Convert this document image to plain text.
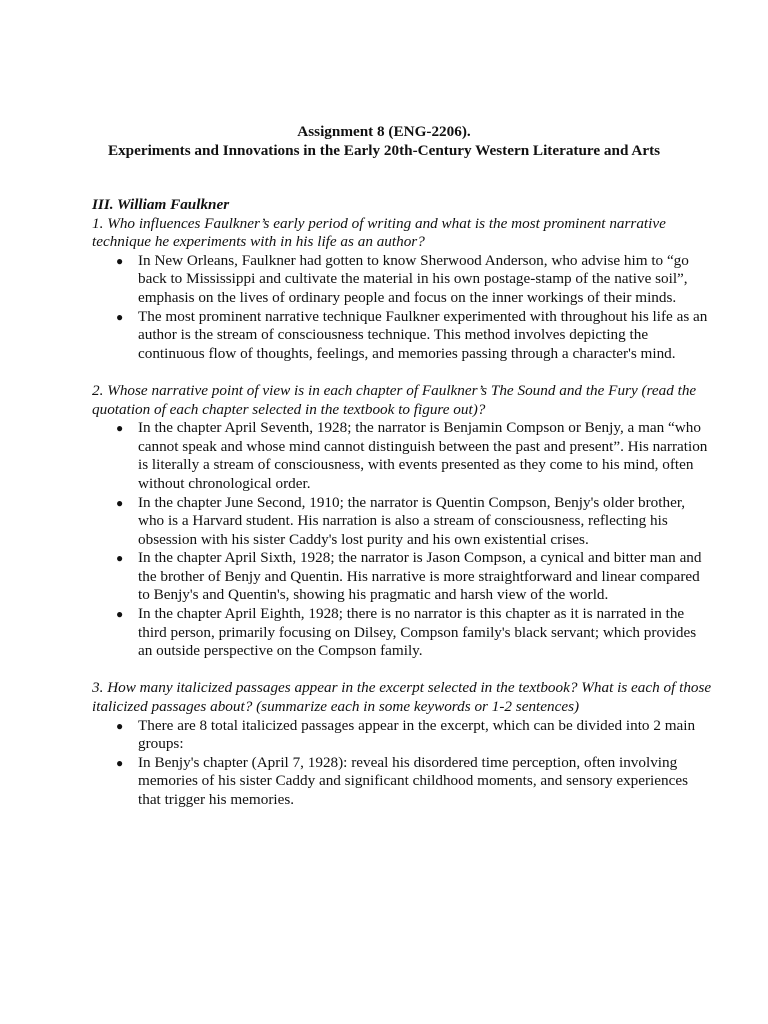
Assignment 8 (ENG-2206).
Experiments and Innovations in the Early 20th-Century Western Literature and Arts

III. William Faulkner

1. Who influences Faulkner’s early period of writing and what is the most prominent narrative technique he experiments with in his life as an author?

● In New Orleans, Faulkner had gotten to know Sherwood Anderson, who advise him to “go back to Mississippi and cultivate the material in his own postage-stamp of the native soil”, emphasis on the lives of ordinary people and focus on the inner workings of their minds.
● The most prominent narrative technique Faulkner experimented with throughout his life as an author is the stream of consciousness technique. This method involves depicting the continuous flow of thoughts, feelings, and memories passing through a character's mind.

2. Whose narrative point of view is in each chapter of Faulkner’s The Sound and the Fury (read the quotation of each chapter selected in the textbook to figure out)?

● In the chapter April Seventh, 1928; the narrator is Benjamin Compson or Benjy, a man “who cannot speak and whose mind cannot distinguish between the past and present”. His narration is literally a stream of consciousness, with events presented as they come to his mind, often without chronological order.
● In the chapter June Second, 1910; the narrator is Quentin Compson, Benjy's older brother, who is a Harvard student. His narration is also a stream of consciousness, reflecting his obsession with his sister Caddy's lost purity and his own existential crises.
● In the chapter April Sixth, 1928; the narrator is Jason Compson, a cynical and bitter man and the brother of Benjy and Quentin. His narrative is more straightforward and linear compared to Benjy's and Quentin's, showing his pragmatic and harsh view of the world.
● In the chapter April Eighth, 1928; there is no narrator is this chapter as it is narrated in the third person, primarily focusing on Dilsey, Compson family's black servant; which provides an outside perspective on the Compson family.

3. How many italicized passages appear in the excerpt selected in the textbook? What is each of those italicized passages about? (summarize each in some keywords or 1-2 sentences)

● There are 8 total italicized passages appear in the excerpt, which can be divided into 2 main groups:
● In Benjy's chapter (April 7, 1928): reveal his disordered time perception, often involving memories of his sister Caddy and significant childhood moments, and sensory experiences that trigger his memories.
